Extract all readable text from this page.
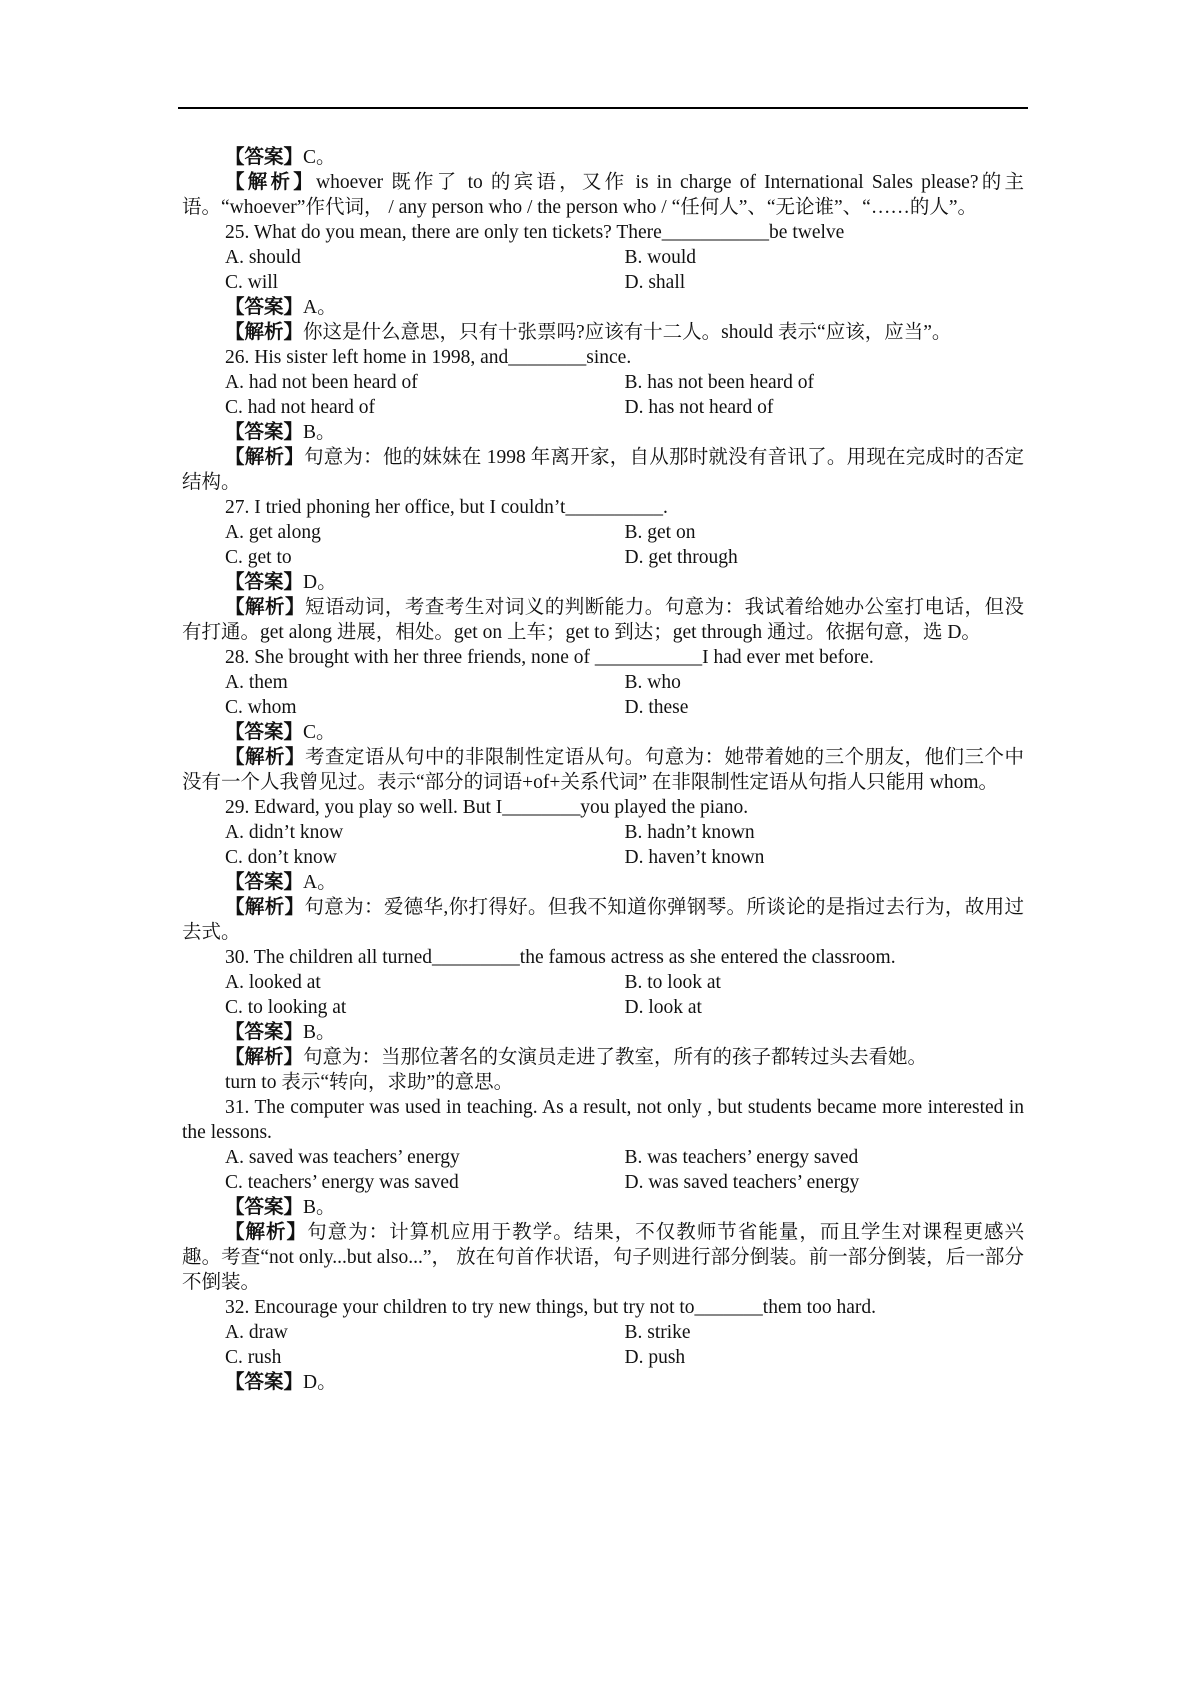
【答案】C。
【解析】whoever 既作了 to 的宾语，又作 is in charge of International Sales please?的主语。“whoever”作代词， / any person who / the person who / “任何人”、“无论谁”、“……的人”。
25. What do you mean, there are only ten tickets? There___________be twelve
A. should	B. would
C. will	D. shall
【答案】A。
【解析】你这是什么意思，只有十张票吗?应该有十二人。should 表示“应该，应当”。
26. His sister left home in 1998, and________since.
A. had not been heard of	B. has not been heard of
C. had not heard of	D. has not heard of
【答案】B。
【解析】句意为：他的妹妹在 1998 年离开家，自从那时就没有音讯了。用现在完成时的否定结构。
27. I tried phoning her office, but I couldn’t__________.
A. get along	B. get on
C. get to	D. get through
【答案】D。
【解析】短语动词，考查考生对词义的判断能力。句意为：我试着给她办公室打电话，但没有打通。get along 进展，相处。get on 上车；get to 到达；get through 通过。依据句意，选 D。
28. She brought with her three friends, none of ___________I had ever met before.
A. them	B. who
C. whom	D. these
【答案】C。
【解析】考查定语从句中的非限制性定语从句。句意为：她带着她的三个朋友，他们三个中没有一个人我曾见过。表示“部分的词语+of+关系代词” 在非限制性定语从句指人只能用 whom。
29. Edward, you play so well. But I________you played the piano.
A. didn’t know	B. hadn’t known
C. don’t know	D. haven’t known
【答案】A。
【解析】句意为：爱德华,你打得好。但我不知道你弹钢琴。所谈论的是指过去行为，故用过去式。
30. The children all turned_________the famous actress as she entered the classroom.
A. looked at	B. to look at
C. to looking at	D. look at
【答案】B。
【解析】句意为：当那位著名的女演员走进了教室，所有的孩子都转过头去看她。
turn to 表示“转向，求助”的意思。
31. The computer was used in teaching. As a result, not only , but students became more interested in the lessons.
A. saved was teachers’ energy	B. was teachers’ energy saved
C. teachers’ energy was saved	D. was saved teachers’ energy
【答案】B。
【解析】句意为：计算机应用于教学。结果，不仅教师节省能量，而且学生对课程更感兴趣。考查“not only...but also...”， 放在句首作状语，句子则进行部分倒装。前一部分倒装，后一部分不倒装。
32. Encourage your children to try new things, but try not to_______them too hard.
A. draw	B. strike
C. rush	D. push
【答案】D。
